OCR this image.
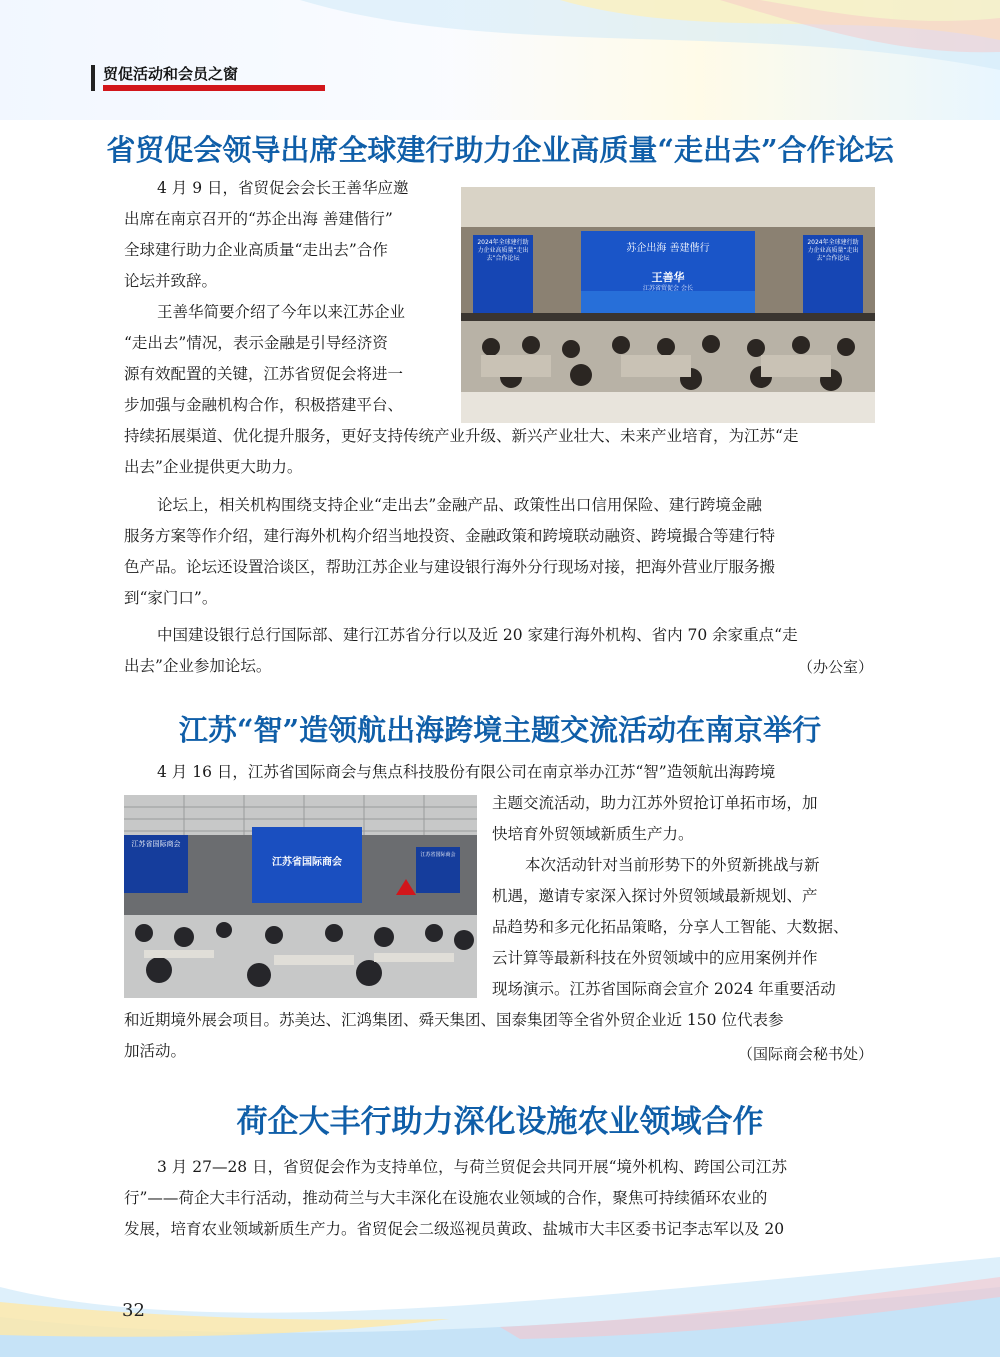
贸促活动和会员之窗
省贸促会领导出席全球建行助力企业高质量“走出去”合作论坛
4 月 9 日，省贸促会会长王善华应邀
出席在南京召开的“苏企出海 善建偕行”
全球建行助力企业高质量“走出去”合作
论坛并致辞。
王善华简要介绍了今年以来江苏企业
“走出去”情况，表示金融是引导经济资
源有效配置的关键，江苏省贸促会将进一
步加强与金融机构合作，积极搭建平台、
持续拓展渠道、优化提升服务，更好支持传统产业升级、新兴产业壮大、未来产业培育，为江苏“走
出去”企业提供更大助力。
论坛上，相关机构围绕支持企业“走出去”金融产品、政策性出口信用保险、建行跨境金融
服务方案等作介绍，建行海外机构介绍当地投资、金融政策和跨境联动融资、跨境撮合等建行特
色产品。论坛还设置洽谈区，帮助江苏企业与建设银行海外分行现场对接，把海外营业厅服务搬
到“家门口”。
中国建设银行总行国际部、建行江苏省分行以及近 20 家建行海外机构、省内 70 余家重点“走
出去”企业参加论坛。	（办公室）
2024年全球建行助力企业高质量“走出去”合作论坛
苏企出海 善建偕行
王善华
江苏省贸促会 会长
2024年全球建行助力企业高质量“走出去”合作论坛
江苏“智”造领航出海跨境主题交流活动在南京举行
4 月 16 日，江苏省国际商会与焦点科技股份有限公司在南京举办江苏“智”造领航出海跨境
主题交流活动，助力江苏外贸抢订单拓市场，加
快培育外贸领域新质生产力。
本次活动针对当前形势下的外贸新挑战与新
机遇，邀请专家深入探讨外贸领域最新规划、产
品趋势和多元化拓品策略，分享人工智能、大数据、
云计算等最新科技在外贸领域中的应用案例并作
现场演示。江苏省国际商会宣介 2024 年重要活动
和近期境外展会项目。苏美达、汇鸿集团、舜天集团、国泰集团等全省外贸企业近 150 位代表参
加活动。	（国际商会秘书处）
江苏省国际商会
江苏省国际商会
江苏省国际商会
荷企大丰行助力深化设施农业领域合作
3 月 27—28 日，省贸促会作为支持单位，与荷兰贸促会共同开展“境外机构、跨国公司江苏
行”——荷企大丰行活动，推动荷兰与大丰深化在设施农业领域的合作，聚焦可持续循环农业的
发展，培育农业领域新质生产力。省贸促会二级巡视员黄政、盐城市大丰区委书记李志军以及 20
32
